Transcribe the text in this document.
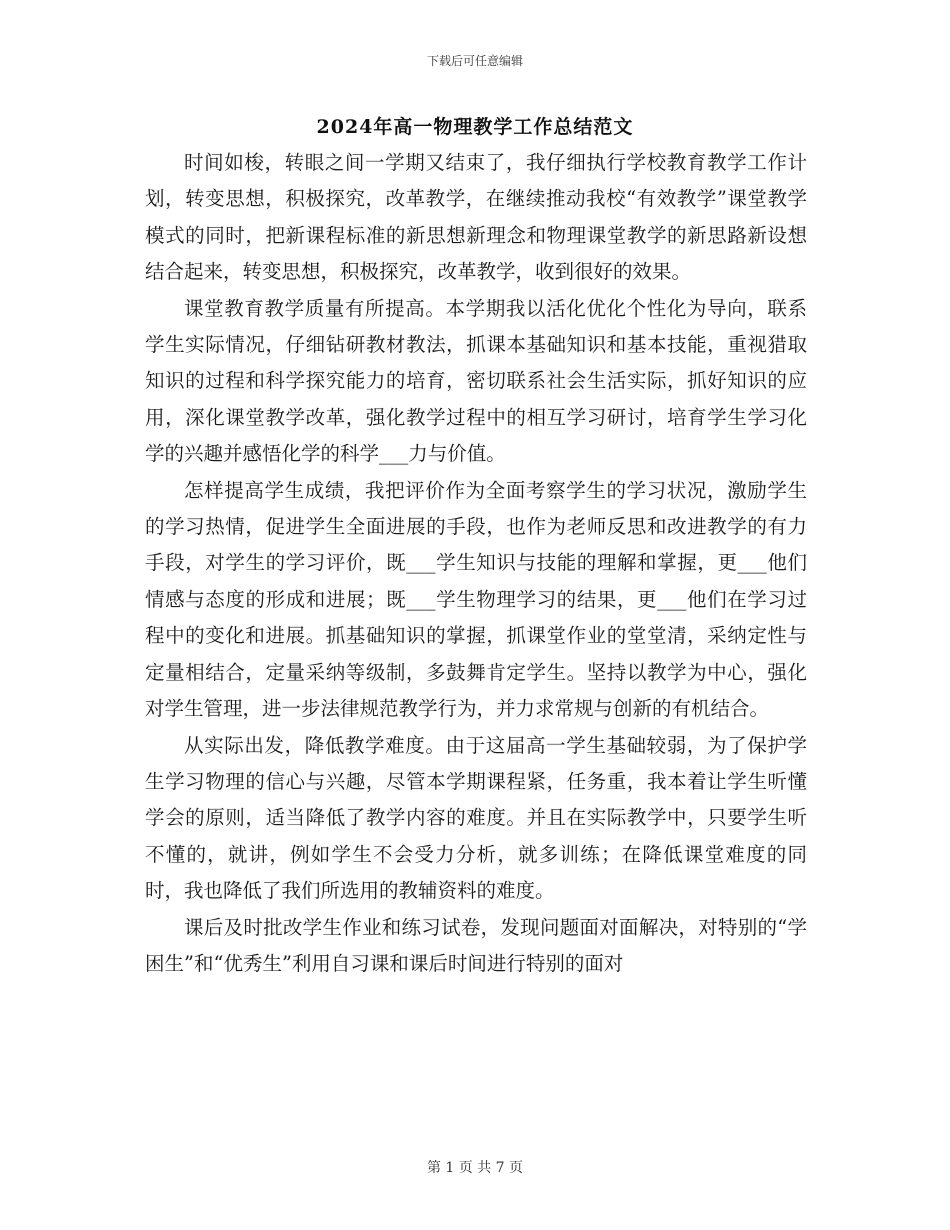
下载后可任意编辑
2024年高一物理教学工作总结范文

时间如梭，转眼之间一学期又结束了，我仔细执行学校教育教学工作计划，转变思想，积极探究，改革教学，在继续推动我校“有效教学”课堂教学模式的同时，把新课程标准的新思想新理念和物理课堂教学的新思路新设想结合起来，转变思想，积极探究，改革教学，收到很好的效果。

课堂教育教学质量有所提高。本学期我以活化优化个性化为导向，联系学生实际情况，仔细钻研教材教法，抓课本基础知识和基本技能，重视猎取知识的过程和科学探究能力的培育，密切联系社会生活实际，抓好知识的应用，深化课堂教学改革，强化教学过程中的相互学习研讨，培育学生学习化学的兴趣并感悟化学的科学___力与价值。

怎样提高学生成绩，我把评价作为全面考察学生的学习状况，激励学生的学习热情，促进学生全面进展的手段，也作为老师反思和改进教学的有力手段，对学生的学习评价，既___学生知识与技能的理解和掌握，更___他们情感与态度的形成和进展；既___学生物理学习的结果，更___他们在学习过程中的变化和进展。抓基础知识的掌握，抓课堂作业的堂堂清，采纳定性与定量相结合，定量采纳等级制，多鼓舞肯定学生。坚持以教学为中心，强化对学生管理，进一步法律规范教学行为，并力求常规与创新的有机结合。

从实际出发，降低教学难度。由于这届高一学生基础较弱，为了保护学生学习物理的信心与兴趣，尽管本学期课程紧，任务重，我本着让学生听懂学会的原则，适当降低了教学内容的难度。并且在实际教学中，只要学生听不懂的，就讲，例如学生不会受力分析，就多训练；在降低课堂难度的同时，我也降低了我们所选用的教辅资料的难度。

课后及时批改学生作业和练习试卷，发现问题面对面解决，对特别的“学困生”和“优秀生”利用自习课和课后时间进行特别的面对

第 1 页 共 7 页
